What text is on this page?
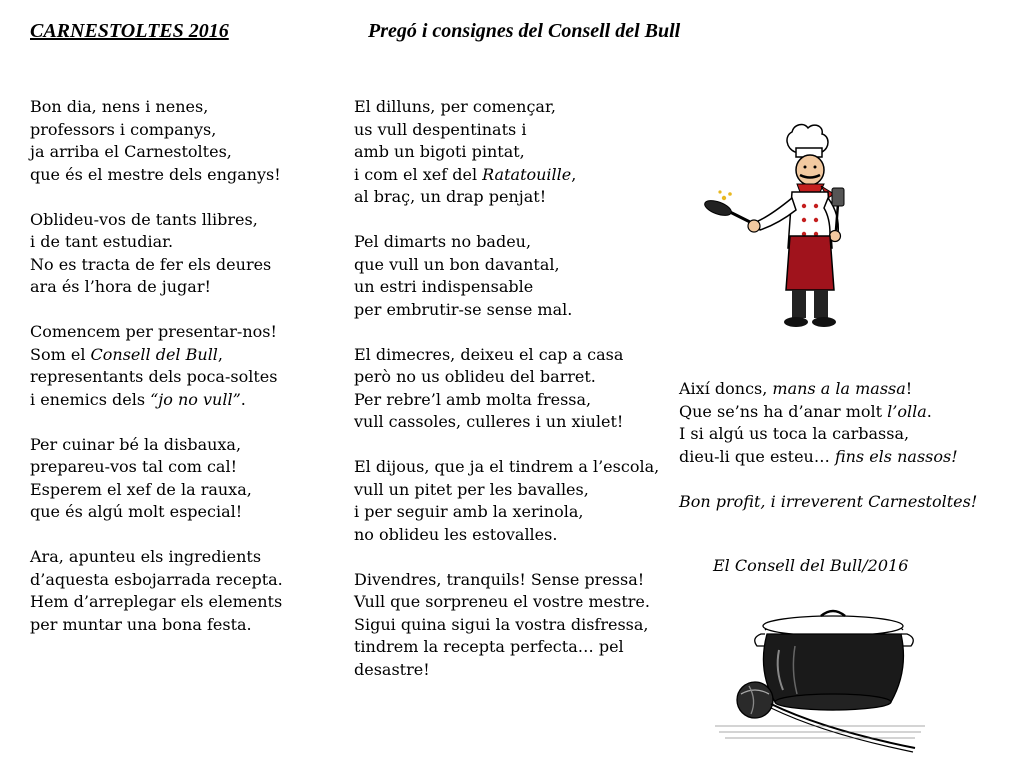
CARNESTOLTES 2016	Pregó i consignes del Consell del Bull
Bon dia, nens i nenes,
professors i companys,
ja arriba el Carnestoltes,
que és el mestre dels enganys!
Oblideu-vos de tants llibres,
i de tant estudiar.
No es tracta de fer els deures
ara és l’hora de jugar!
Comencem per presentar-nos!
Som el Consell del Bull,
representants dels poca-soltes
i enemics dels “jo no vull”.
Per cuinar bé la disbauxa,
prepareu-vos tal com cal!
Esperem el xef de la rauxa,
que és algú molt especial!
Ara, apunteu els ingredients
d’aquesta esbojarrada recepta.
Hem d’arreplegar els elements
per muntar una bona festa.
El dilluns, per començar,
us vull despentinats i
amb un bigoti pintat,
i com el xef del Ratatouille,
al braç, un drap penjat!
Pel dimarts no badeu,
que vull un bon davantal,
un estri indispensable
per embrutir-se sense mal.
El dimecres, deixeu el cap a casa
però no us oblideu del barret.
Per rebre’l amb molta fressa,
vull cassoles, culleres i un xiulet!
El dijous, que ja el tindrem a l’escola,
vull un pitet per les bavalles,
i per seguir amb la xerinola,
no oblideu les estovalles.
Divendres, tranquils! Sense pressa!
Vull que sorpreneu el vostre mestre.
Sigui quina sigui la vostra disfressa,
tindrem la recepta perfecta… pel
desastre!
Així doncs, mans a la massa!
Que se’ns ha d’anar molt l’olla.
I si algú us toca la carbassa,
dieu-li que esteu… fins els nassos!
Bon profit, i irreverent Carnestoltes!
El Consell del Bull/2016
